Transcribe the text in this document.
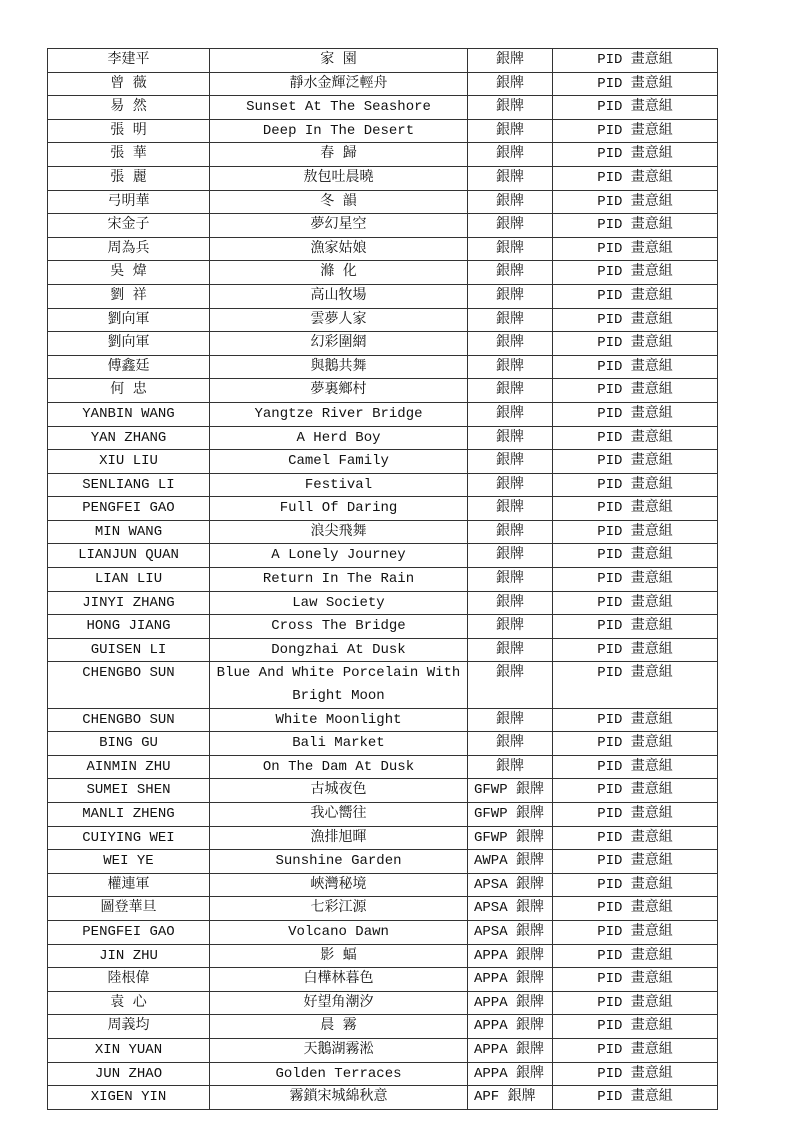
李建平	家 園	銀牌	PID 畫意組
曾 薇	靜水金輝泛輕舟	銀牌	PID 畫意組
易 然	Sunset At The Seashore	銀牌	PID 畫意組
張 明	Deep In The Desert	銀牌	PID 畫意組
張 華	春 歸	銀牌	PID 畫意組
張 麗	敖包吐晨曉	銀牌	PID 畫意組
弓明華	冬 韻	銀牌	PID 畫意組
宋金子	夢幻星空	銀牌	PID 畫意組
周為兵	漁家姑娘	銀牌	PID 畫意組
吳 煒	滌 化	銀牌	PID 畫意組
劉 祥	高山牧場	銀牌	PID 畫意組
劉向軍	雲夢人家	銀牌	PID 畫意組
劉向軍	幻彩圍網	銀牌	PID 畫意組
傅鑫廷	與鵝共舞	銀牌	PID 畫意組
何 忠	夢裏鄉村	銀牌	PID 畫意組
YANBIN WANG	Yangtze River Bridge	銀牌	PID 畫意組
YAN ZHANG	A Herd Boy	銀牌	PID 畫意組
XIU LIU	Camel Family	銀牌	PID 畫意組
SENLIANG LI	Festival	銀牌	PID 畫意組
PENGFEI GAO	Full Of Daring	銀牌	PID 畫意組
MIN WANG	浪尖飛舞	銀牌	PID 畫意組
LIANJUN QUAN	A Lonely Journey	銀牌	PID 畫意組
LIAN LIU	Return In The Rain	銀牌	PID 畫意組
JINYI ZHANG	Law Society	銀牌	PID 畫意組
HONG JIANG	Cross The Bridge	銀牌	PID 畫意組
GUISEN LI	Dongzhai At Dusk	銀牌	PID 畫意組
CHENGBO SUN	Blue And White Porcelain With Bright Moon	銀牌	PID 畫意組
CHENGBO SUN	White Moonlight	銀牌	PID 畫意組
BING GU	Bali Market	銀牌	PID 畫意組
AINMIN ZHU	On The Dam At Dusk	銀牌	PID 畫意組
SUMEI SHEN	古城夜色	GFWP 銀牌	PID 畫意組
MANLI ZHENG	我心嚮往	GFWP 銀牌	PID 畫意組
CUIYING WEI	漁排旭暉	GFWP 銀牌	PID 畫意組
WEI YE	Sunshine Garden	AWPA 銀牌	PID 畫意組
權連軍	峽灣秘境	APSA 銀牌	PID 畫意組
圖登華旦	七彩江源	APSA 銀牌	PID 畫意組
PENGFEI GAO	Volcano Dawn	APSA 銀牌	PID 畫意組
JIN ZHU	影 蝠	APPA 銀牌	PID 畫意組
陸根偉	白樺林暮色	APPA 銀牌	PID 畫意組
袁 心	好望角潮汐	APPA 銀牌	PID 畫意組
周義均	晨 霧	APPA 銀牌	PID 畫意組
XIN YUAN	天鵝湖霧淞	APPA 銀牌	PID 畫意組
JUN ZHAO	Golden Terraces	APPA 銀牌	PID 畫意組
XIGEN YIN	霧鎖宋城綿秋意	APF 銀牌	PID 畫意組
